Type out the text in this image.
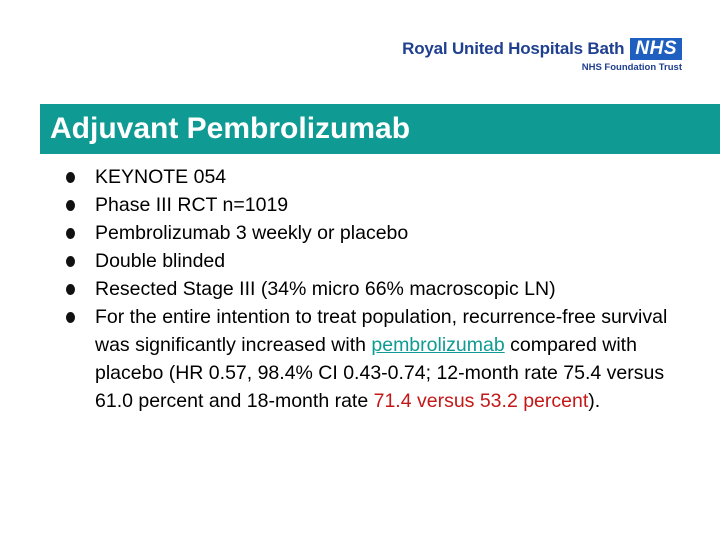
Royal United Hospitals Bath NHS
NHS Foundation Trust
Adjuvant Pembrolizumab
KEYNOTE 054
Phase III RCT n=1019
Pembrolizumab 3 weekly or placebo
Double blinded
Resected Stage III (34% micro 66% macroscopic LN)
For the entire intention to treat population, recurrence-free survival was significantly increased with pembrolizumab compared with placebo (HR 0.57, 98.4% CI 0.43-0.74; 12-month rate 75.4 versus 61.0 percent and 18-month rate 71.4 versus 53.2 percent).
